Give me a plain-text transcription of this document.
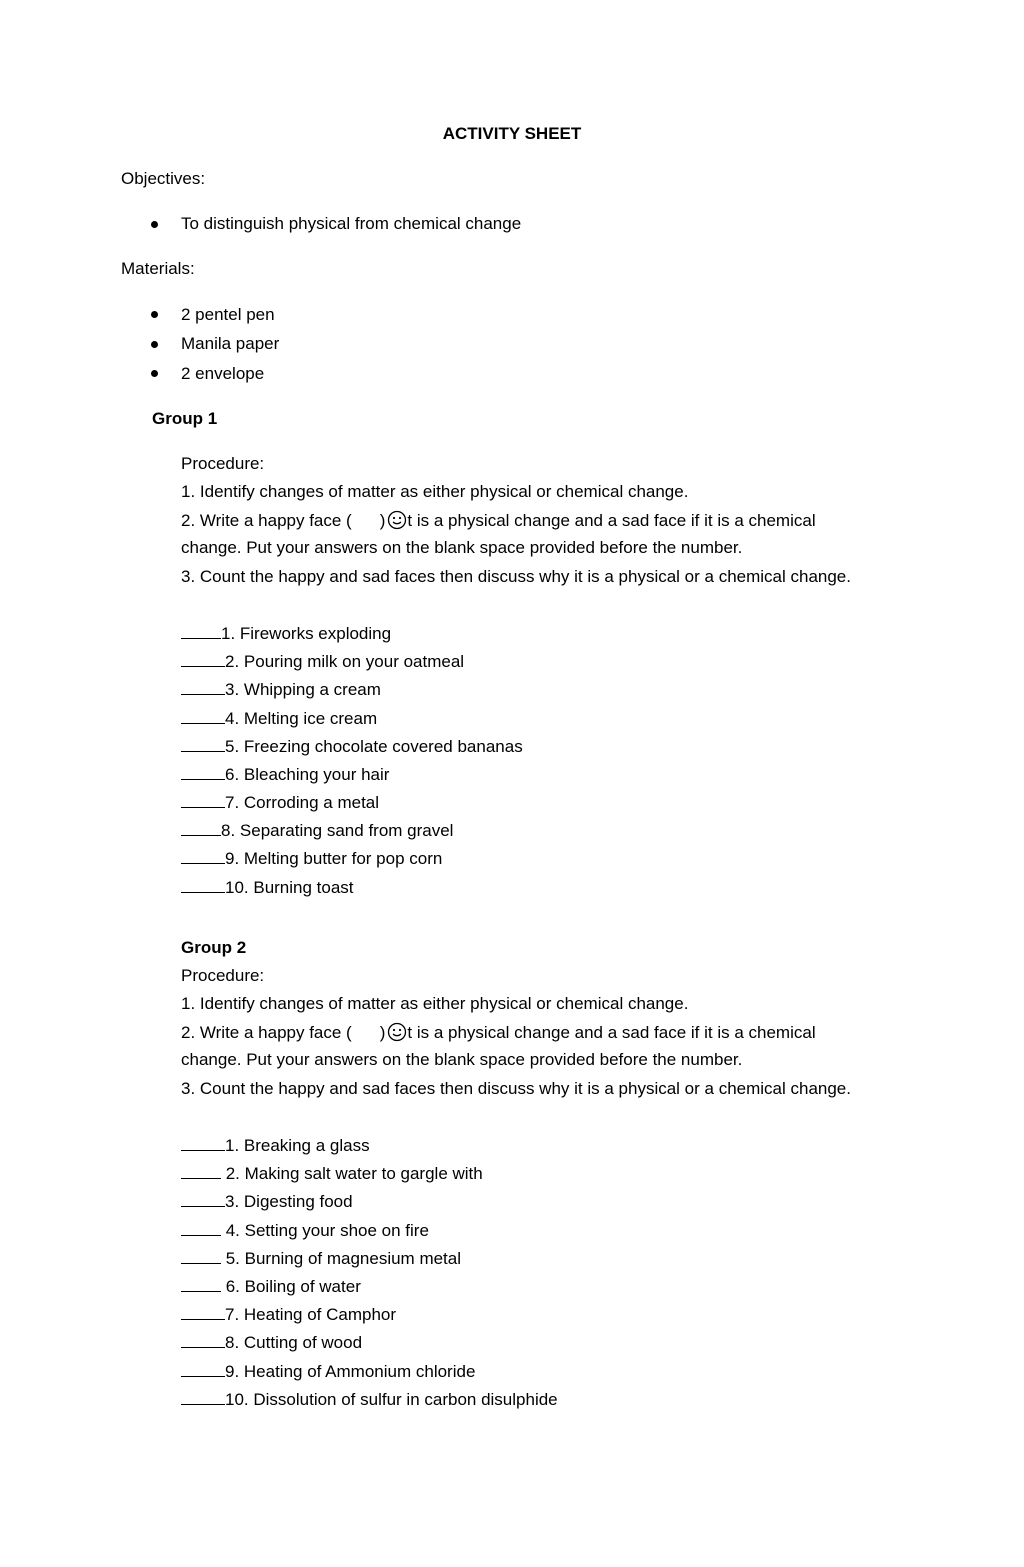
ACTIVITY SHEET

Objectives:

To distinguish physical from chemical change

Materials:

2 pentel pen

Manila paper

2 envelope

Group 1

Procedure:

1. Identify changes of matter as either physical or chemical change.

2. Write a happy face ( ) t is a physical change and a sad face if it is a chemical

change. Put your answers on the blank space provided before the number.

3. Count the happy and sad faces then discuss why it is a physical or a chemical change.

1. Fireworks exploding

2. Pouring milk on your oatmeal

3. Whipping a cream

4. Melting ice cream

5. Freezing chocolate covered bananas

6. Bleaching your hair

7. Corroding a metal

8. Separating sand from gravel

9. Melting butter for pop corn

10. Burning toast

Group 2

Procedure:

1. Identify changes of matter as either physical or chemical change.

2. Write a happy face ( ) t is a physical change and a sad face if it is a chemical

change. Put your answers on the blank space provided before the number.

3. Count the happy and sad faces then discuss why it is a physical or a chemical change.

1. Breaking a glass

2. Making salt water to gargle with

3. Digesting food

4. Setting your shoe on fire

5. Burning of magnesium metal

6. Boiling of water

7. Heating of Camphor

8. Cutting of wood

9. Heating of Ammonium chloride

10. Dissolution of sulfur in carbon disulphide
